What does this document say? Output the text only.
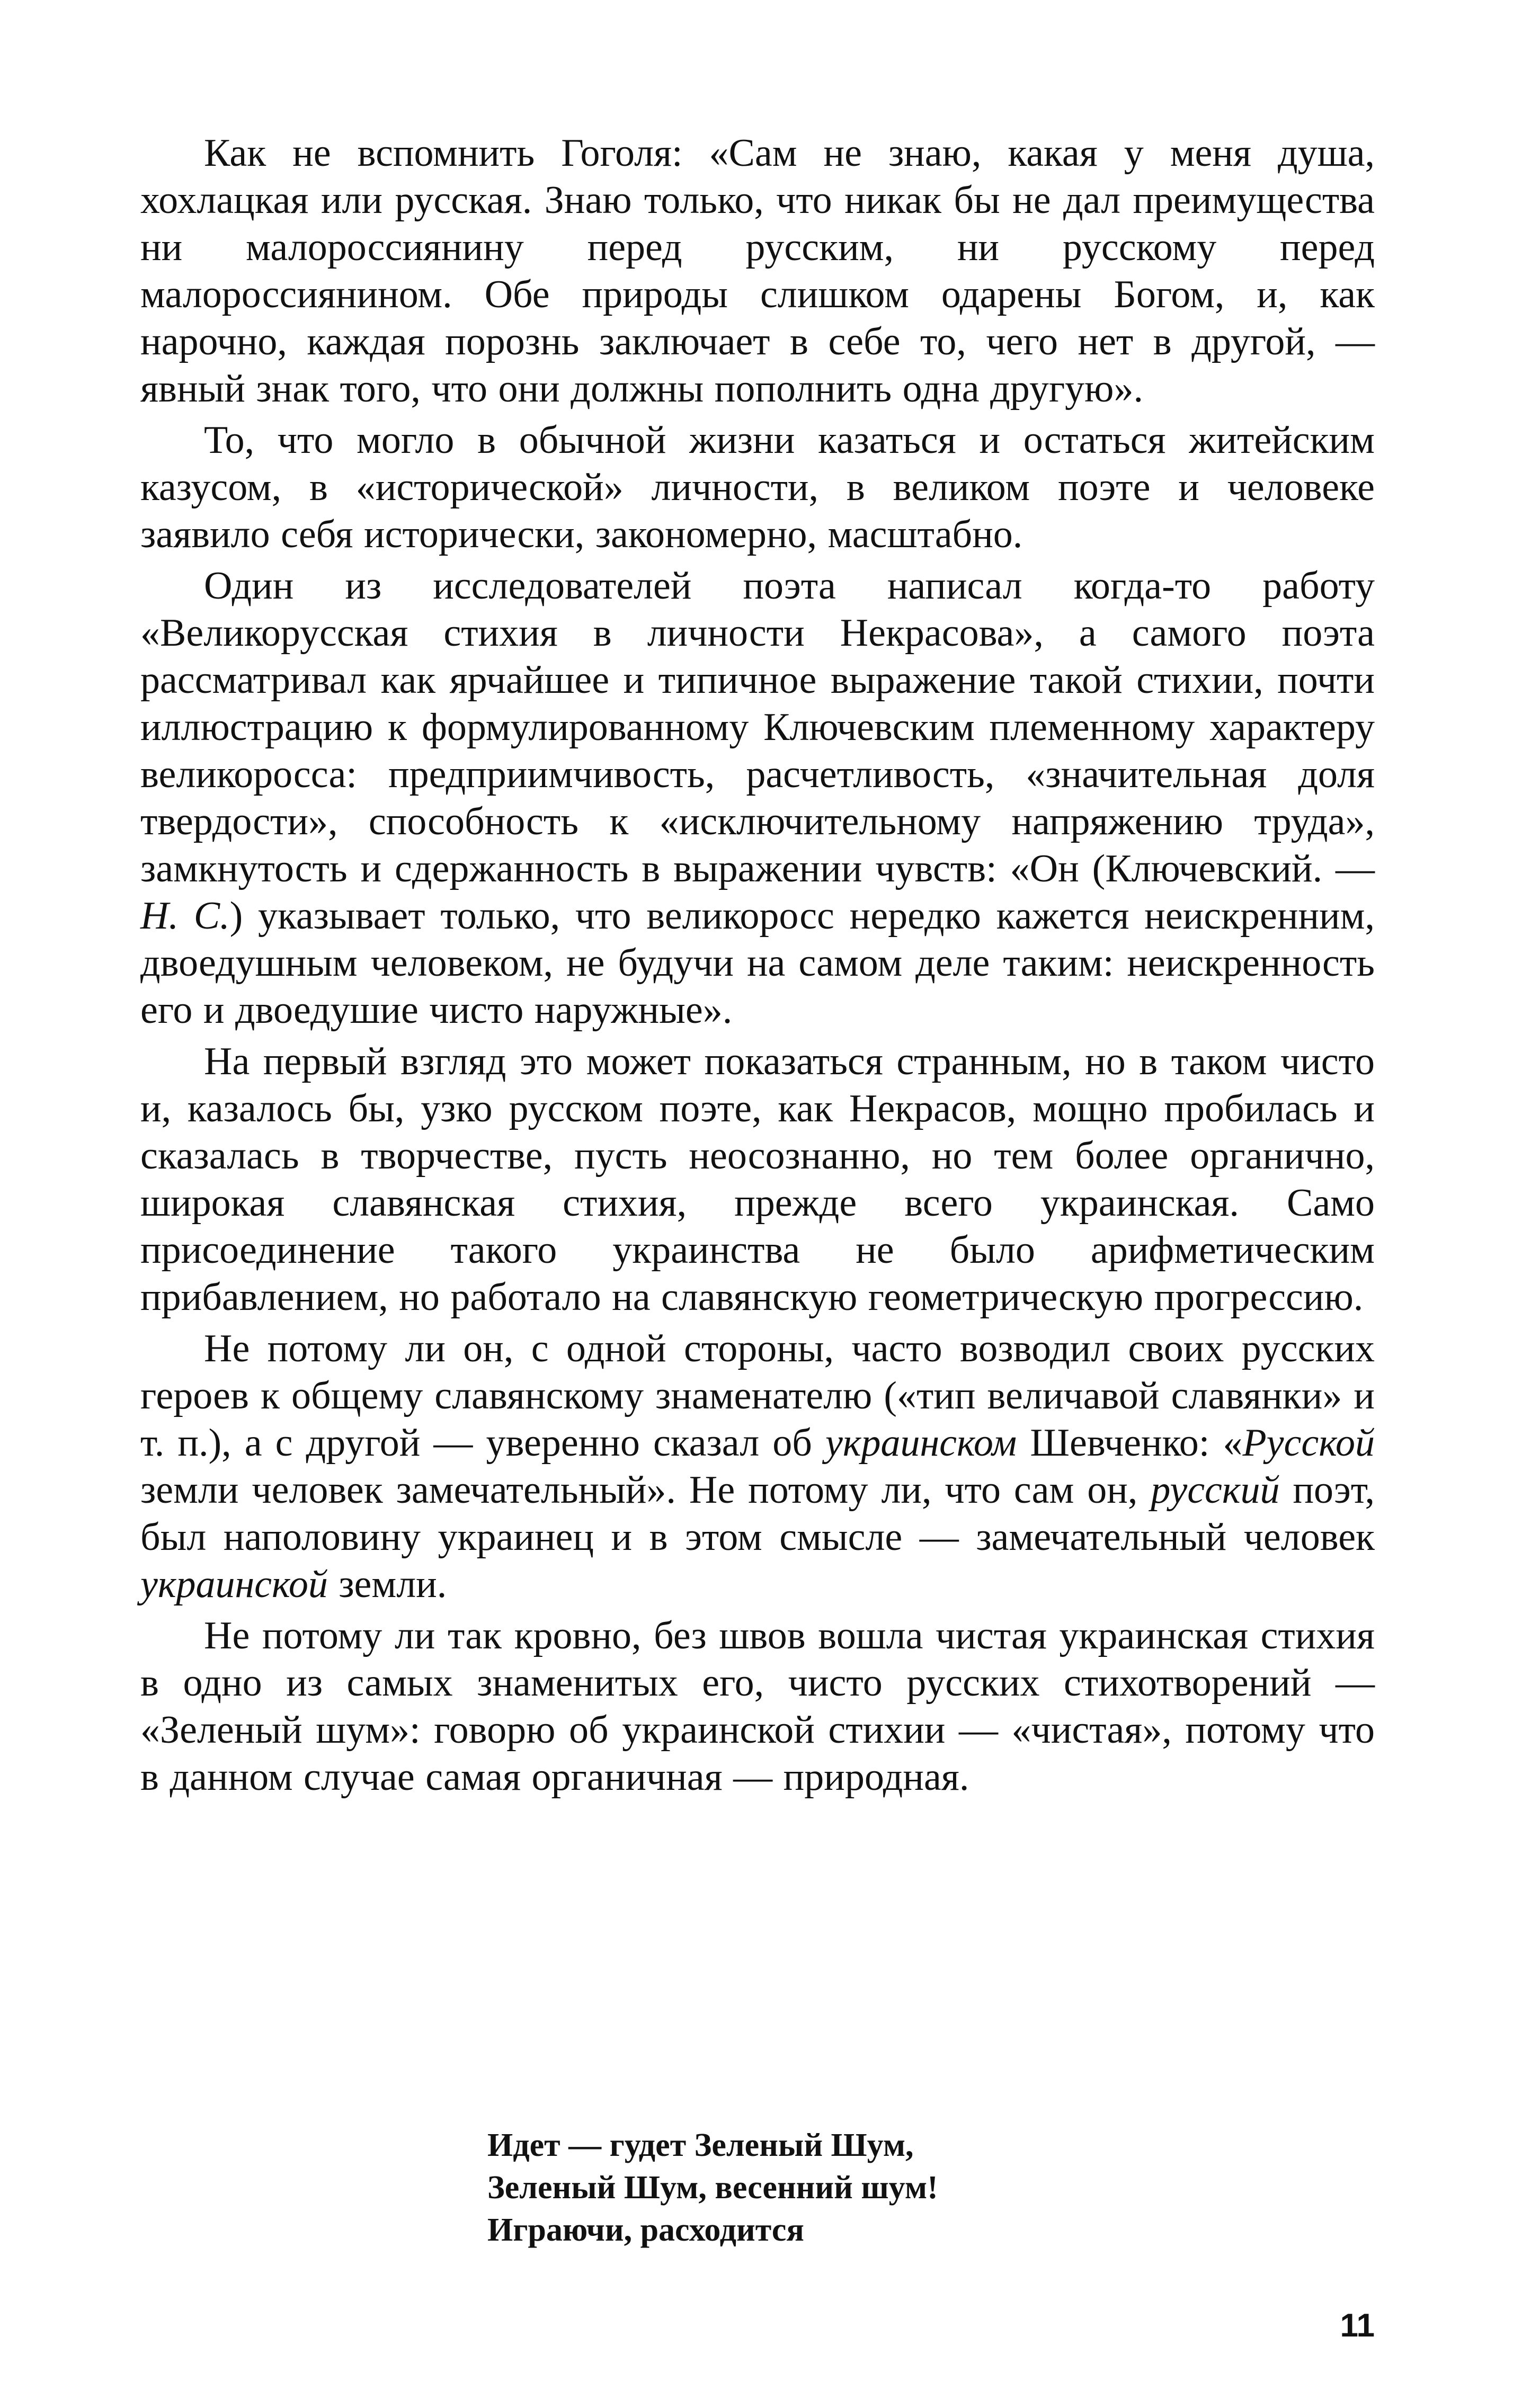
Как не вспомнить Гоголя: «Сам не знаю, какая у меня душа, хохлацкая или русская. Знаю только, что никак бы не дал преимущества ни малороссиянину перед русским, ни русскому перед малороссиянином. Обе природы слишком одарены Богом, и, как нарочно, каждая порознь заключает в себе то, чего нет в другой, — явный знак того, что они должны пополнить одна другую».

То, что могло в обычной жизни казаться и остаться житейским казусом, в «исторической» личности, в великом поэте и человеке заявило себя исторически, закономерно, масштабно.

Один из исследователей поэта написал когда-то работу «Великорусская стихия в личности Некрасова», а самого поэта рассматривал как ярчайшее и типичное выражение такой стихии, почти иллюстрацию к формулированному Ключевским племенному характеру великоросса: предприимчивость, расчетливость, «значительная доля твердости», способность к «исключительному напряжению труда», замкнутость и сдержанность в выражении чувств: «Он (Ключевский. — Н. С.) указывает только, что великоросс нередко кажется неискренним, двоедушным человеком, не будучи на самом деле таким: неискренность его и двоедушие чисто наружные».

На первый взгляд это может показаться странным, но в таком чисто и, казалось бы, узко русском поэте, как Некрасов, мощно пробилась и сказалась в творчестве, пусть неосознанно, но тем более органично, широкая славянская стихия, прежде всего украинская. Само присоединение такого украинства не было арифметическим прибавлением, но работало на славянскую геометрическую прогрессию.

Не потому ли он, с одной стороны, часто возводил своих русских героев к общему славянскому знаменателю («тип величавой славянки» и т. п.), а с другой — уверенно сказал об украинском Шевченко: «Русской земли человек замечательный». Не потому ли, что сам он, русский поэт, был наполовину украинец и в этом смысле — замечательный человек украинской земли.

Не потому ли так кровно, без швов вошла чистая украинская стихия в одно из самых знаменитых его, чисто русских стихотворений — «Зеленый шум»: говорю об украинской стихии — «чистая», потому что в данном случае самая органичная — природная.

Идет — гудет Зеленый Шум,
Зеленый Шум, весенний шум!
Играючи, расходится
11
